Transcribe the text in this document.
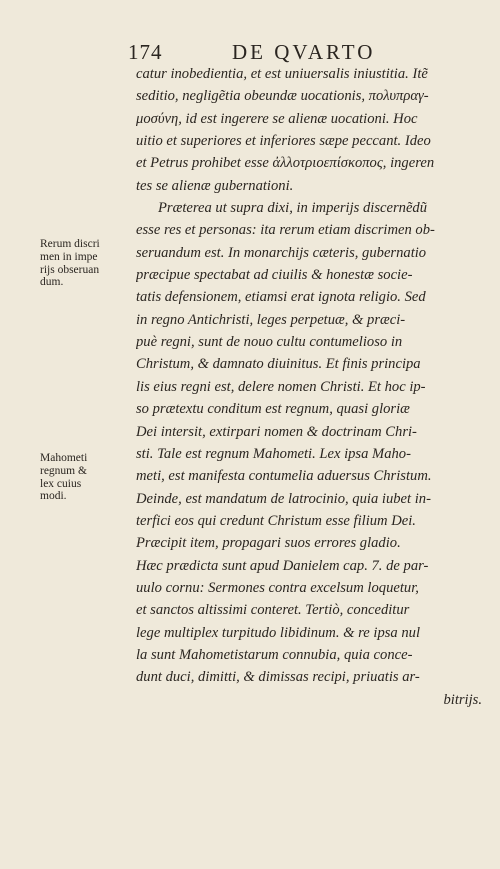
174	DE QVARTO
catur inobedientia, et est uniuersalis iniustitia. Itẽ
seditio, negligẽtia obeundæ uocationis, πολυπραγ-
μοσύνη, id est ingerere se alienæ uocationi. Hoc
uitio et superiores et inferiores sæpe peccant. Ideo
et Petrus prohibet esse ἀλλοτριοεπίσκοπος, ingeren
tes se alienæ gubernationi.
Præterea ut supra dixi, in imperijs discernẽdũ
esse res et personas: ita rerum etiam discrimen ob-
seruandum est. In monarchijs cæteris, gubernatio
præcipue spectabat ad ciuilis & honestæ socie-
tatis defensionem, etiamsi erat ignota religio. Sed
in regno Antichristi, leges perpetuæ, & præci-
puè regni, sunt de nouo cultu contumelioso in
Christum, & damnato diuinitus. Et finis principa
lis eius regni est, delere nomen Christi. Et hoc ip-
so prætextu conditum est regnum, quasi gloriæ
Dei intersit, extirpari nomen & doctrinam Chri-
sti. Tale est regnum Mahometi. Lex ipsa Maho-
meti, est manifesta contumelia aduersus Christum.
Deinde, est mandatum de latrocinio, quia iubet in-
terfici eos qui credunt Christum esse filium Dei.
Præcipit item, propagari suos errores gladio.
Hæc prædicta sunt apud Danielem cap. 7. de par-
uulo cornu: Sermones contra excelsum loquetur,
et sanctos altissimi conteret. Tertiò, conceditur
lege multiplex turpitudo libidinum. & re ipsa nul
la sunt Mahometistarum connubia, quia conce-
dunt duci, dimitti, & dimissas recipi, priuatis ar-
bitrijs.
Rerum discri
men in impe
rijs obseruan
dum.
Mahometi
regnum &
lex cuius
modi.
